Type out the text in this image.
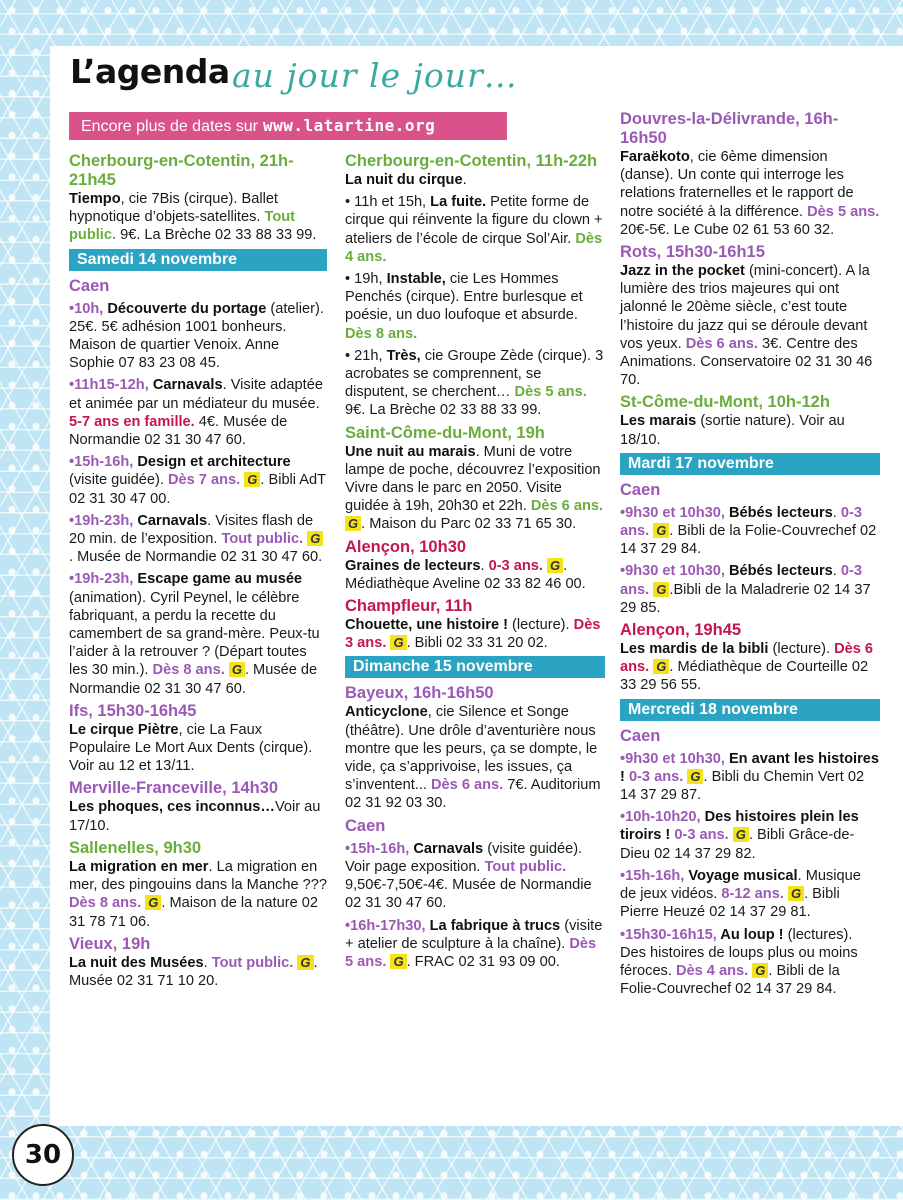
L’agenda au jour le jour…
Encore plus de dates sur www.latartine.org
Cherbourg-en-Cotentin, 21h-21h45

Tiempo, cie 7Bis (cirque). Ballet hypnotique d’objets-satellites. Tout public. 9€. La Brèche 02 33 88 33 99.

Samedi 14 novembre
Caen

•10h, Découverte du portage (atelier). 25€. 5€ adhésion 1001 bonheurs. Maison de quartier Venoix. Anne Sophie 07 83 23 08 45.

•11h15-12h, Carnavals. Visite adaptée et animée par un médiateur du musée. 5-7 ans en famille. 4€. Musée de Normandie 02 31 30 47 60.

•15h-16h, Design et architecture (visite guidée). Dès 7 ans. G . Bibli AdT 02 31 30 47 00.

•19h-23h, Carnavals. Visites flash de 20 min. de l’exposition. Tout public. G. Musée de Normandie 02 31 30 47 60.

•19h-23h, Escape game au musée (animation). Cyril Peynel, le célèbre fabriquant, a perdu la recette du camembert de sa grand-mère. Peux-tu l’aider à la retrouver ? (Départ toutes les 30 min.). Dès 8 ans. G . Musée de Normandie 02 31 30 47 60.

Ifs, 15h30-16h45

Le cirque Piètre, cie La Faux Populaire Le Mort Aux Dents (cirque). Voir au 12 et 13/11.

Merville-Franceville, 14h30

Les phoques, ces inconnus…Voir au 17/10.

Sallenelles, 9h30

La migration en mer. La migration en mer, des pingouins dans la Manche ??? Dès 8 ans. G . Maison de la nature 02 31 78 71 06.

Vieux, 19h

La nuit des Musées. Tout public. G . Musée 02 31 71 10 20.

Cherbourg-en-Cotentin, 11h-22h

La nuit du cirque.

• 11h et 15h, La fuite. Petite forme de cirque qui réinvente la figure du clown + ateliers de l’école de cirque Sol’Air. Dès 4 ans.

• 19h, Instable, cie Les Hommes Penchés (cirque). Entre burlesque et poésie, un duo loufoque et absurde. Dès 8 ans.

• 21h, Très, cie Groupe Zède (cirque). 3 acrobates se comprennent, se disputent, se cherchent… Dès 5 ans. 9€. La Brèche 02 33 88 33 99.

Saint-Côme-du-Mont, 19h

Une nuit au marais. Muni de votre lampe de poche, découvrez l’exposition Vivre dans le parc en 2050. Visite guidée à 19h, 20h30 et 22h. Dès 6 ans. G . Maison du Parc 02 33 71 65 30.

Alençon, 10h30

Graines de lecteurs. 0-3 ans. G . Médiathèque Aveline 02 33 82 46 00.

Champfleur, 11h

Chouette, une histoire ! (lecture). Dès 3 ans. G . Bibli 02 33 31 20 02.

Dimanche 15 novembre
Bayeux, 16h-16h50

Anticyclone, cie Silence et Songe (théâtre). Une drôle d’aventurière nous montre que les peurs, ça se dompte, le vide, ça s’apprivoise, les issues, ça s’inventent... Dès 6 ans. 7€. Auditorium 02 31 92 03 30.

Caen

•15h-16h, Carnavals (visite guidée). Voir page exposition. Tout public. 9,50€-7,50€-4€. Musée de Normandie 02 31 30 47 60.

•16h-17h30, La fabrique à trucs (visite + atelier de sculpture à la chaîne). Dès 5 ans. G . FRAC 02 31 93 09 00.

Douvres-la-Délivrande, 16h-16h50

Faraëkoto, cie 6ème dimension (danse). Un conte qui interroge les relations fraternelles et le rapport de notre société à la différence. Dès 5 ans. 20€-5€. Le Cube 02 61 53 60 32.

Rots, 15h30-16h15

Jazz in the pocket (mini-concert). A la lumière des trios majeures qui ont jalonné le 20ème siècle, c’est toute l’histoire du jazz qui se déroule devant vos yeux. Dès 6 ans. 3€. Centre des Animations. Conservatoire 02 31 30 46 70.

St-Côme-du-Mont, 10h-12h

Les marais (sortie nature). Voir au 18/10.

Mardi 17 novembre
Caen

•9h30 et 10h30, Bébés lecteurs. 0-3 ans. G . Bibli de la Folie-Couvrechef 02 14 37 29 84.

•9h30 et 10h30, Bébés lecteurs. 0-3 ans. G .Bibli de la Maladrerie 02 14 37 29 85.

Alençon, 19h45

Les mardis de la bibli (lecture). Dès 6 ans. G . Médiathèque de Courteille 02 33 29 56 55.

Mercredi 18 novembre
Caen

•9h30 et 10h30, En avant les histoires ! 0-3 ans. G . Bibli du Chemin Vert 02 14 37 29 87.

•10h-10h20, Des histoires plein les tiroirs ! 0-3 ans. G . Bibli Grâce-de-Dieu 02 14 37 29 82.

•15h-16h, Voyage musical. Musique de jeux vidéos. 8-12 ans. G . Bibli Pierre Heuzé 02 14 37 29 81.

•15h30-16h15, Au loup ! (lectures). Des histoires de loups plus ou moins féroces. Dès 4 ans. G . Bibli de la Folie-Couvrechef 02 14 37 29 84.

30
